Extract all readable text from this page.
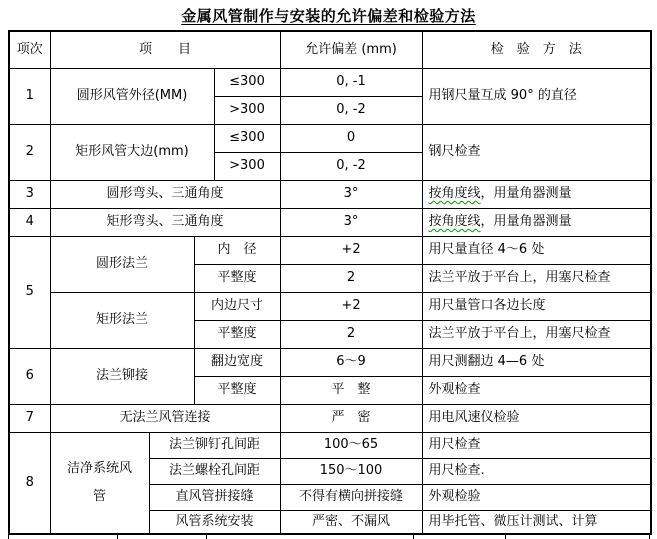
金属风管制作与安装的允许偏差和检验方法
项次	项　　目				允许偏差 (mm)	检　验　方　法
1	圆形风管外径(MM)			≤300	0, -1	用钢尺量互成 90° 的直径
				>300	0, -2	
2	矩形风管大边(mm)			≤300	0	钢尺检查
				>300	0, -2	
3	圆形弯头、三通角度				3°	按角度线，用量角器测量
4	矩形弯头、三通角度				3°	按角度线，用量角器测量
5	圆形法兰		内　径		+2	用尺量直径 4～6 处
			平整度		2	法兰平放于平台上，用塞尺检查
	矩形法兰		内边尺寸		+2	用尺量管口各边长度
			平整度		2	法兰平放于平台上，用塞尺检查
6	法兰铆接		翻边宽度		6～9	用尺测翻边 4—6 处
			平整度		平　整	外观检查
7	无法兰风管连接				严　密	用电风速仪检验
8	洁净系统风管	法兰铆钉孔间距			100～65	用尺检查
		法兰螺栓孔间距			150～100	用尺检查.
		直风管拼接缝			不得有横向拼接缝	外观检验
		风管系统安装			严密、不漏风	用毕托管、微压计测试、计算
